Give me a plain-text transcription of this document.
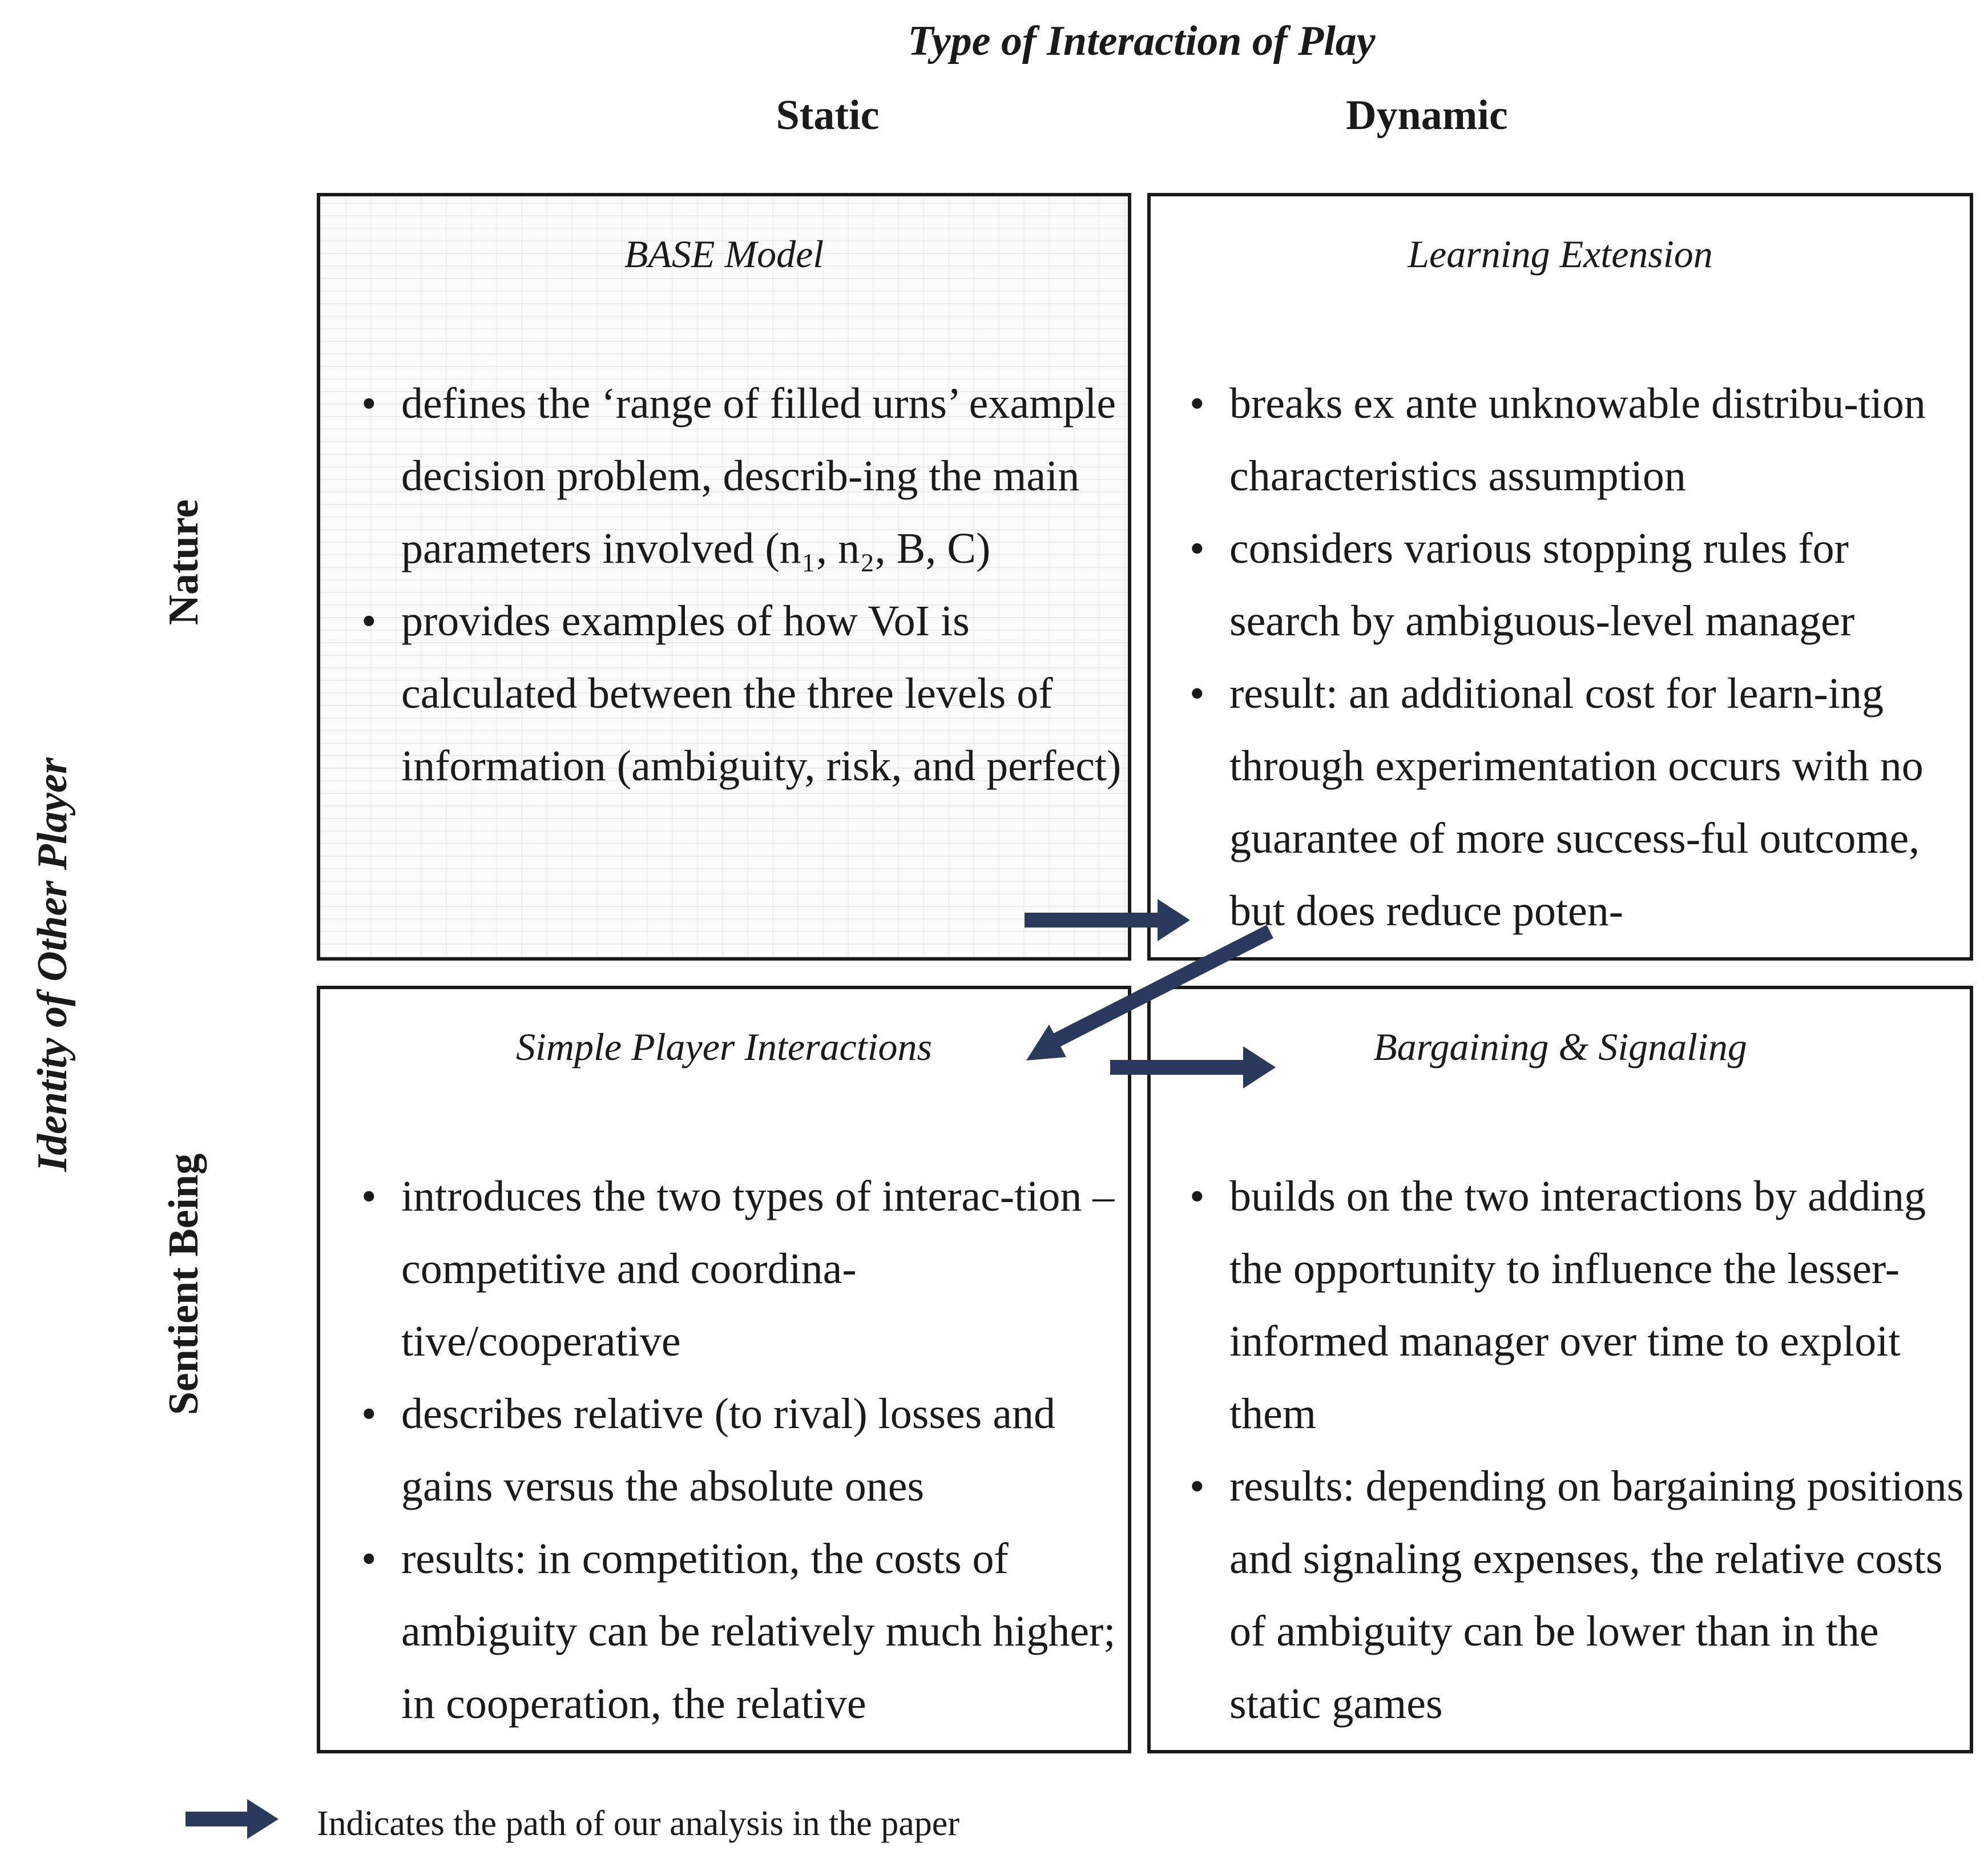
Type of Interaction of Play
Static	Dynamic
Identity of Other Player
Nature
Sentient Being
BASE Model
• defines the ‘range of filled urns’ example decision problem, describ-ing the main parameters involved (n₁, n₂, B, C)
• provides examples of how VoI is calculated between the three levels of information (ambiguity, risk, and perfect)
Learning Extension
• breaks ex ante unknowable distribu-tion characteristics assumption
• considers various stopping rules for search by ambiguous-level manager
• result: an additional cost for learn-ing through experimentation occurs with no guarantee of more success-ful outcome, but does reduce poten-
Simple Player Interactions
• introduces the two types of interac-tion – competitive and coordina-tive/cooperative
• describes relative (to rival) losses and gains versus the absolute ones
• results: in competition, the costs of ambiguity can be relatively much higher; in cooperation, the relative
Bargaining & Signaling
• builds on the two interactions by adding the opportunity to influence the lesser-informed manager over time to exploit them
• results: depending on bargaining positions and signaling expenses, the relative costs of ambiguity can be lower than in the static games
Indicates the path of our analysis in the paper
